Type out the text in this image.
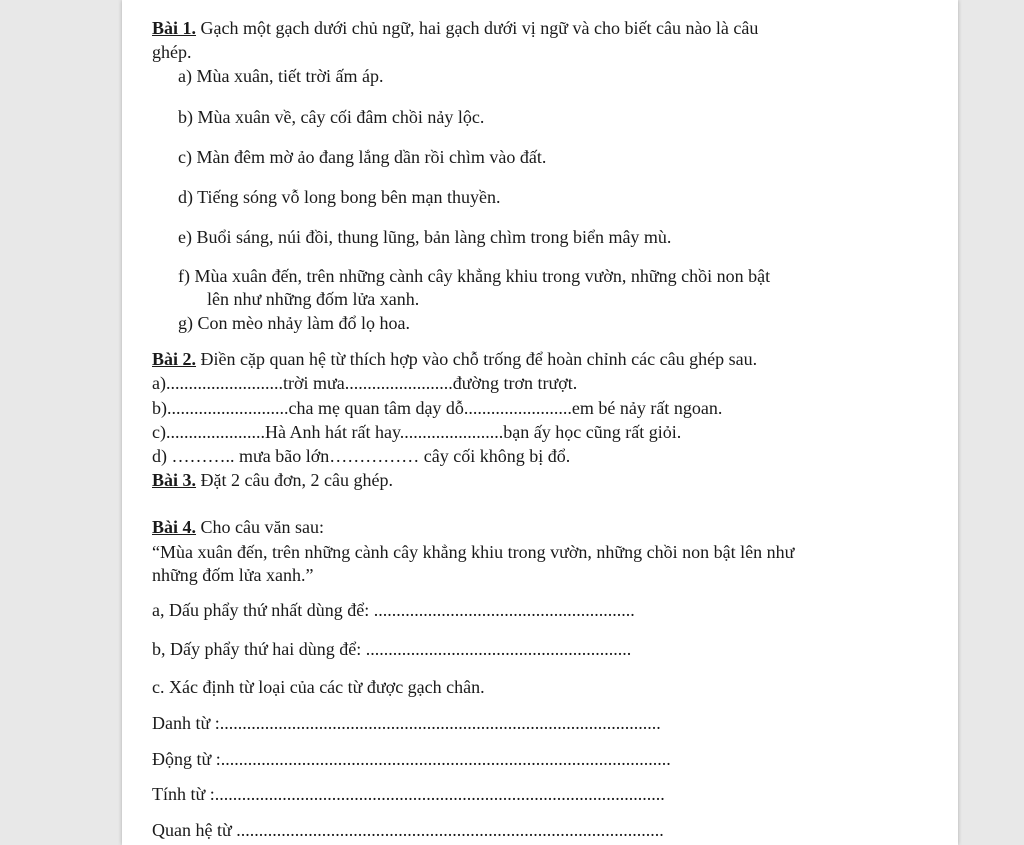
Bài 1. Gạch một gạch dưới chủ ngữ, hai gạch dưới vị ngữ và cho biết câu nào là câu
ghép.
a) Mùa xuân, tiết trời ấm áp.
b) Mùa xuân về, cây cối đâm chồi nảy lộc.
c) Màn đêm mờ ảo đang lắng dần rồi chìm vào đất.
d) Tiếng sóng vỗ long bong bên mạn thuyền.
e) Buổi sáng, núi đồi, thung lũng, bản làng chìm trong biển mây mù.
f) Mùa xuân đến, trên những cành cây khẳng khiu trong vườn, những chồi non bật
lên như những đốm lửa xanh.
g) Con mèo nhảy làm đổ lọ hoa.
Bài 2. Điền cặp quan hệ từ thích hợp vào chỗ trống để hoàn chỉnh các câu ghép sau.
a)..........................trời mưa........................đường trơn trượt.
b)...........................cha mẹ quan tâm dạy dỗ........................em bé nảy rất ngoan.
c)......................Hà Anh hát rất hay.......................bạn ấy học cũng rất giỏi.
d) ……….. mưa bão lớn…………… cây cối không bị đổ.
Bài 3. Đặt 2 câu đơn, 2 câu ghép.
Bài 4. Cho câu văn sau:
“Mùa xuân đến, trên những cành cây khẳng khiu trong vườn, những chồi non bật lên như
những đốm lửa xanh.”
a, Dấu phẩy thứ nhất dùng để: ..........................................................
b, Dấy phẩy thứ hai dùng để: ...........................................................
c. Xác định từ loại của các từ được gạch chân.
Danh từ :..................................................................................................
Động từ :....................................................................................................
Tính từ :....................................................................................................
Quan hệ từ ...............................................................................................
